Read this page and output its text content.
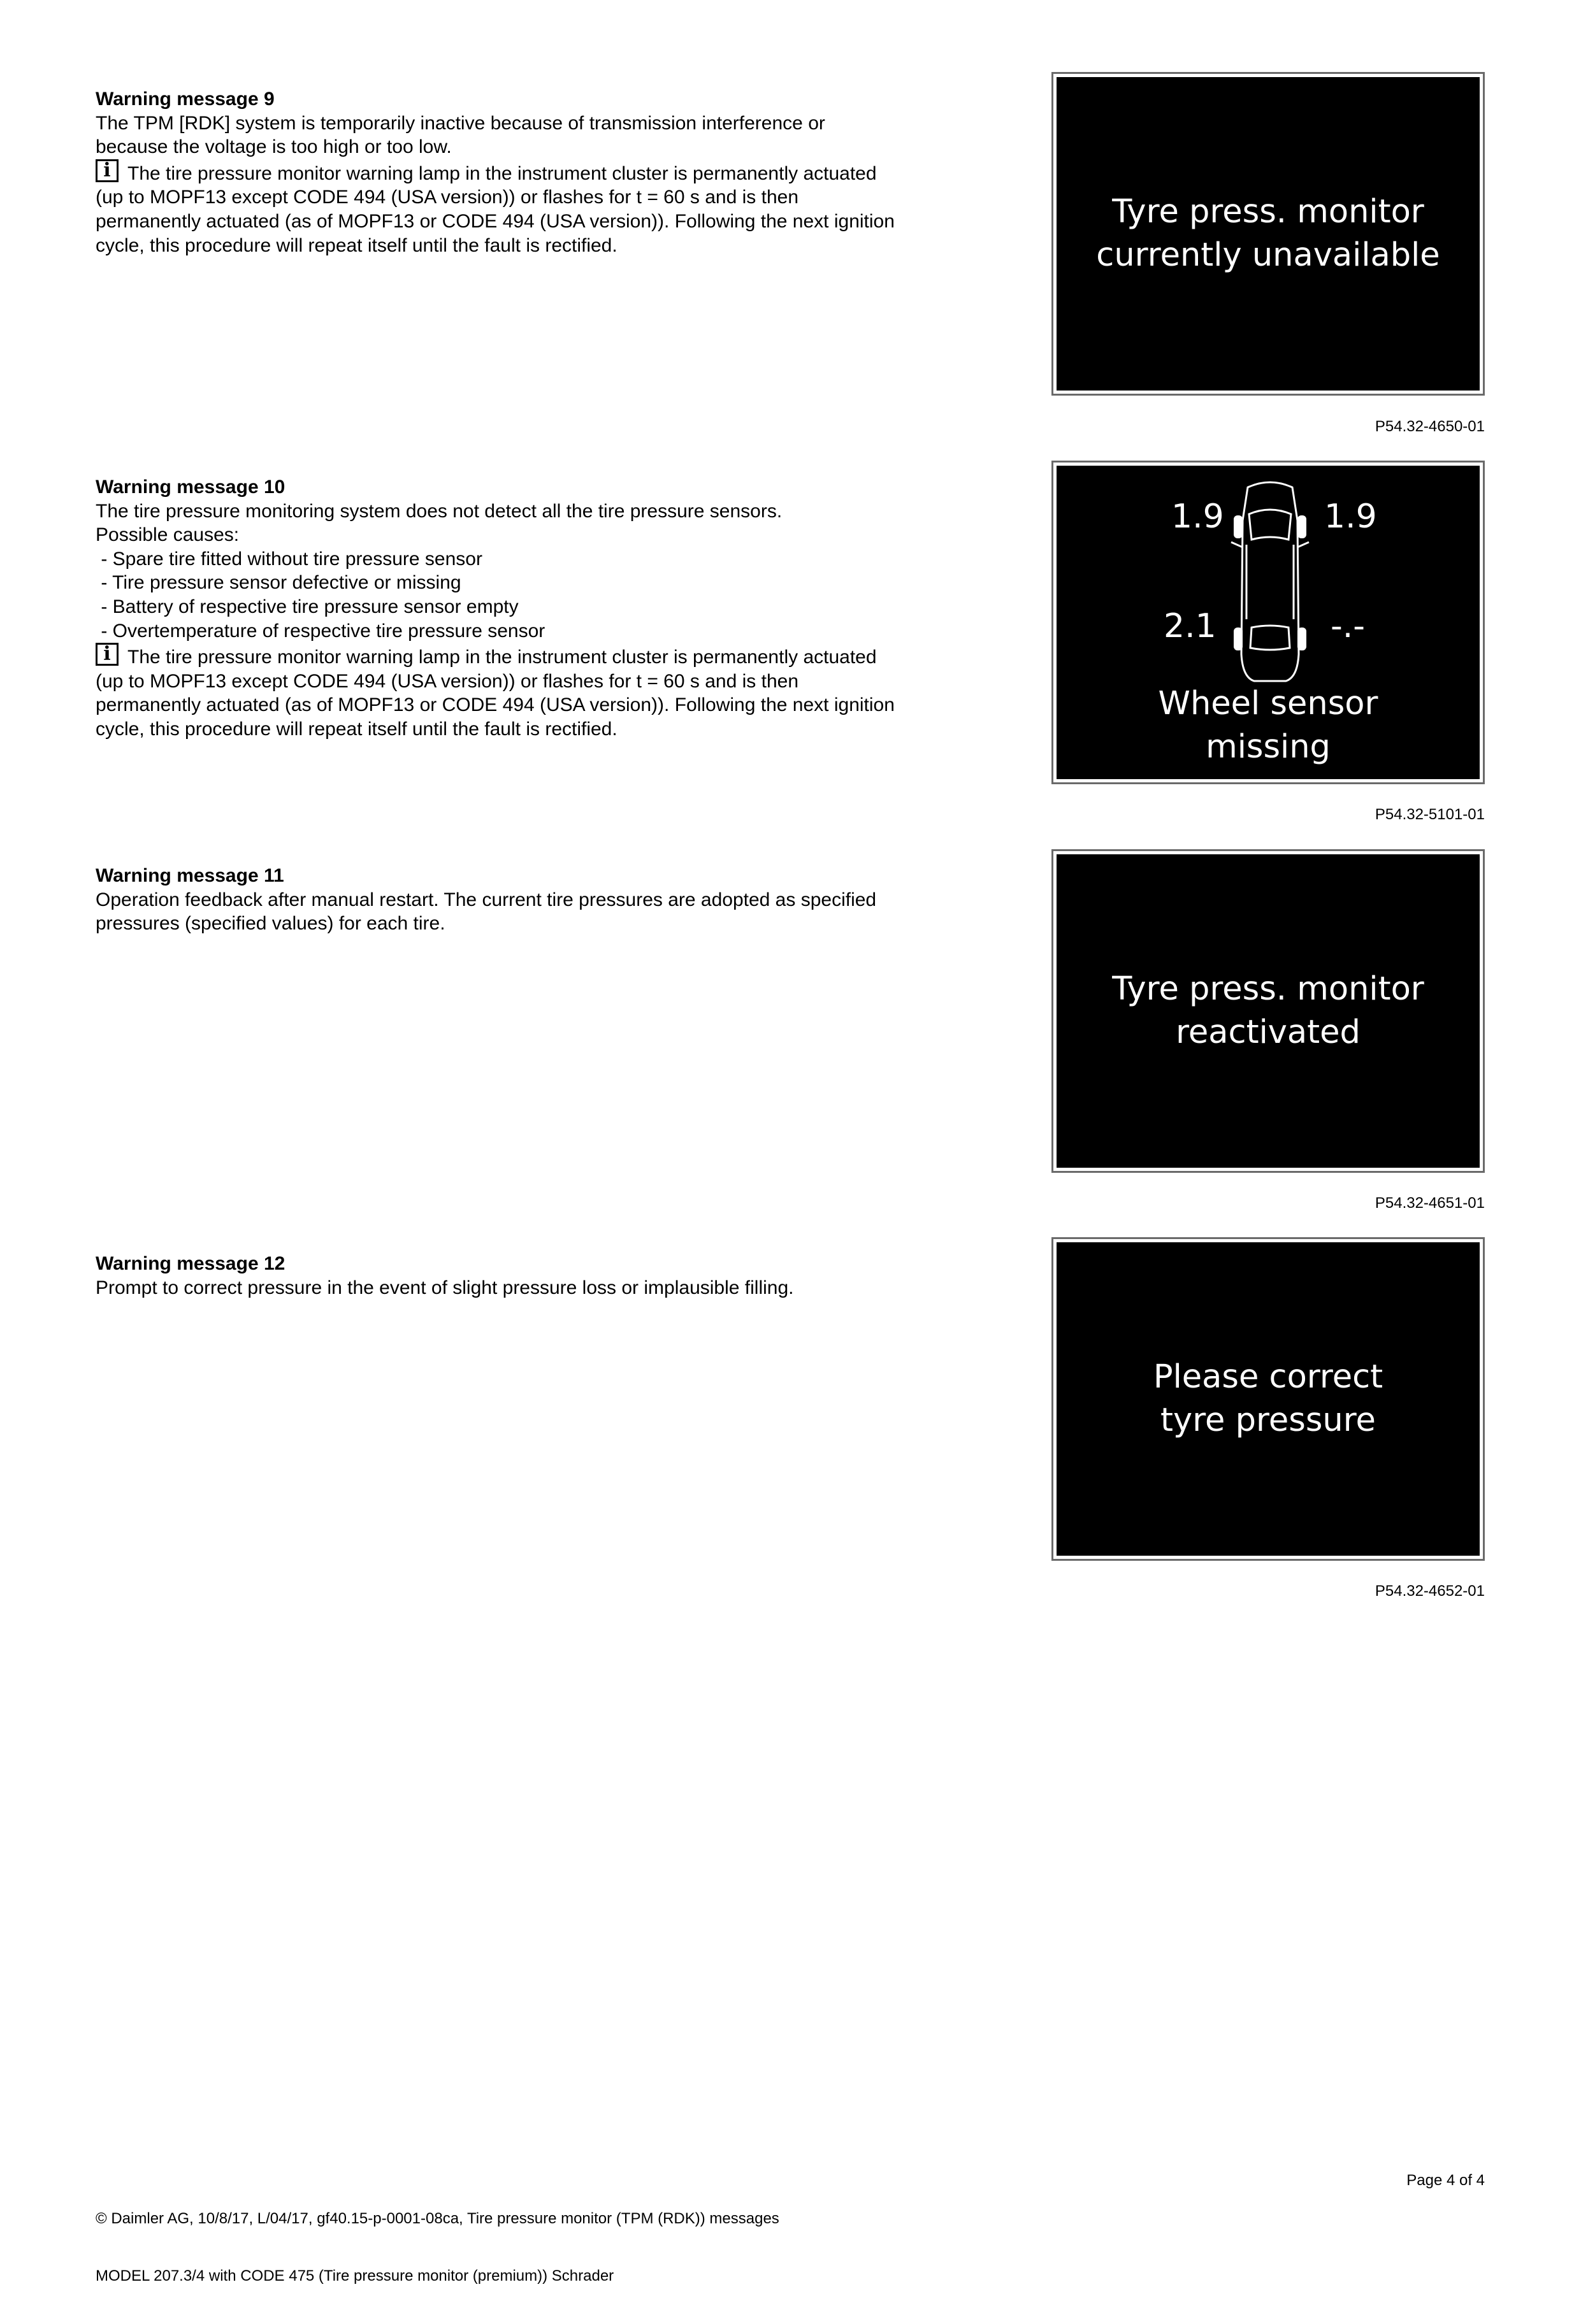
Warning message 9
The TPM [RDK] system is temporarily inactive because of transmission interference or
because the voltage is too high or too low.
i The tire pressure monitor warning lamp in the instrument cluster is permanently actuated
(up to MOPF13 except CODE 494 (USA version)) or flashes for t = 60 s and is then
permanently actuated (as of MOPF13 or CODE 494 (USA version)). Following the next ignition
cycle, this procedure will repeat itself until the fault is rectified.
Tyre press. monitor
currently unavailable
P54.32-4650-01
Warning message 10
The tire pressure monitoring system does not detect all the tire pressure sensors.
Possible causes:
- Spare tire fitted without tire pressure sensor
- Tire pressure sensor defective or missing
- Battery of respective tire pressure sensor empty
- Overtemperature of respective tire pressure sensor
i The tire pressure monitor warning lamp in the instrument cluster is permanently actuated
(up to MOPF13 except CODE 494 (USA version)) or flashes for t = 60 s and is then
permanently actuated (as of MOPF13 or CODE 494 (USA version)). Following the next ignition
cycle, this procedure will repeat itself until the fault is rectified.
1.9	1.9
2.1	-.-
Wheel sensor
missing
P54.32-5101-01
Warning message 11
Operation feedback after manual restart. The current tire pressures are adopted as specified
pressures (specified values) for each tire.
Tyre press. monitor
reactivated
P54.32-4651-01
Warning message 12
Prompt to correct pressure in the event of slight pressure loss or implausible filling.
Please correct
tyre pressure
P54.32-4652-01

© Daimler AG, 10/8/17, L/04/17, gf40.15-p-0001-08ca, Tire pressure monitor (TPM (RDK)) messages

MODEL 207.3/4 with CODE 475 (Tire pressure monitor (premium)) Schrader

Page 4 of 4
